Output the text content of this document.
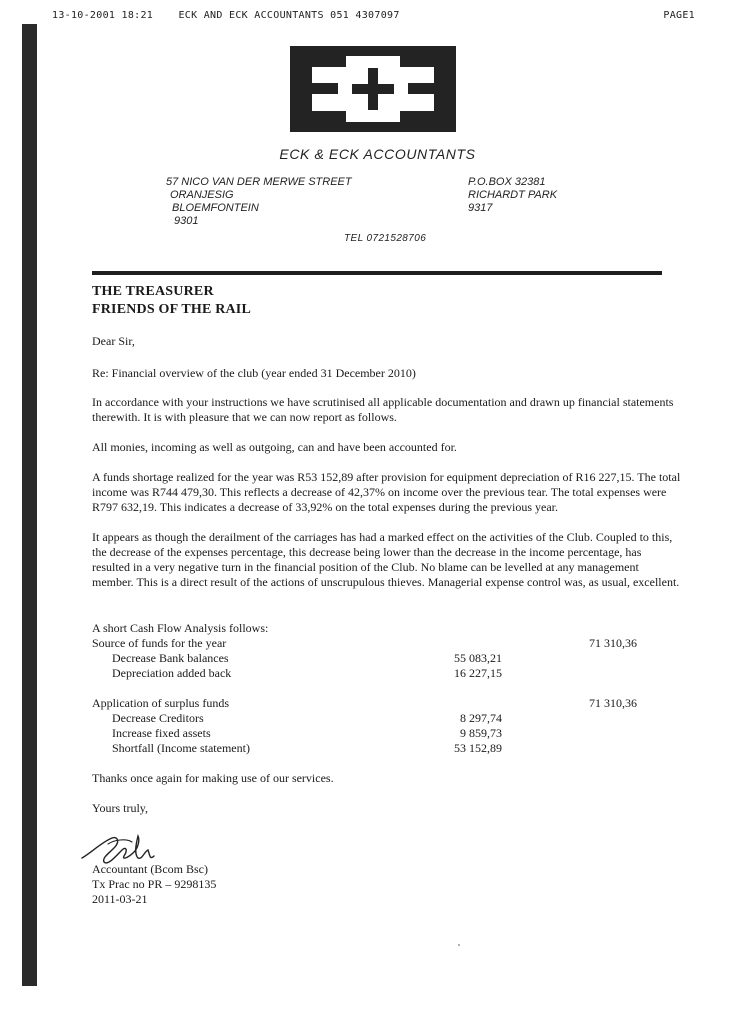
13-10-2001 18:21	ECK AND ECK ACCOUNTANTS 051 4307097	PAGE1
ECK & ECK ACCOUNTANTS
57 NICO VAN DER MERWE STREET
ORANJESIG
BLOEMFONTEIN
9301
P.O.BOX 32381
RICHARDT PARK
9317
TEL 0721528706
THE TREASURER
FRIENDS OF THE RAIL
Dear Sir,
Re: Financial overview of the club (year ended 31 December 2010)
In accordance with your instructions we have scrutinised all applicable documentation and drawn up financial statements therewith. It is with pleasure that we can now report as follows.
All monies, incoming as well as outgoing, can and have been accounted for.
A funds shortage realized for the year was R53 152,89 after provision for equipment depreciation of R16 227,15. The total income was R744 479,30. This reflects a decrease of 42,37% on income over the previous tear. The total expenses were R797 632,19. This indicates a decrease of 33,92% on the total expenses during the previous year.
It appears as though the derailment of the carriages has had a marked effect on the activities of the Club. Coupled to this, the decrease of the expenses percentage, this decrease being lower than the decrease in the income percentage, has resulted in a very negative turn in the financial position of the Club. No blame can be levelled at any management member. This is a direct result of the actions of unscrupulous thieves. Managerial expense control was, as usual, excellent.
A short Cash Flow Analysis follows:
Source of funds for the year	71 310,36
Decrease Bank balances	55 083,21
Depreciation added back	16 227,15
Application of surplus funds	71 310,36
Decrease Creditors	8 297,74
Increase fixed assets	9 859,73
Shortfall (Income statement)	53 152,89
Thanks once again for making use of our services.
Yours truly,
Accountant (Bcom Bsc)
Tx Prac no PR – 9298135
2011-03-21
